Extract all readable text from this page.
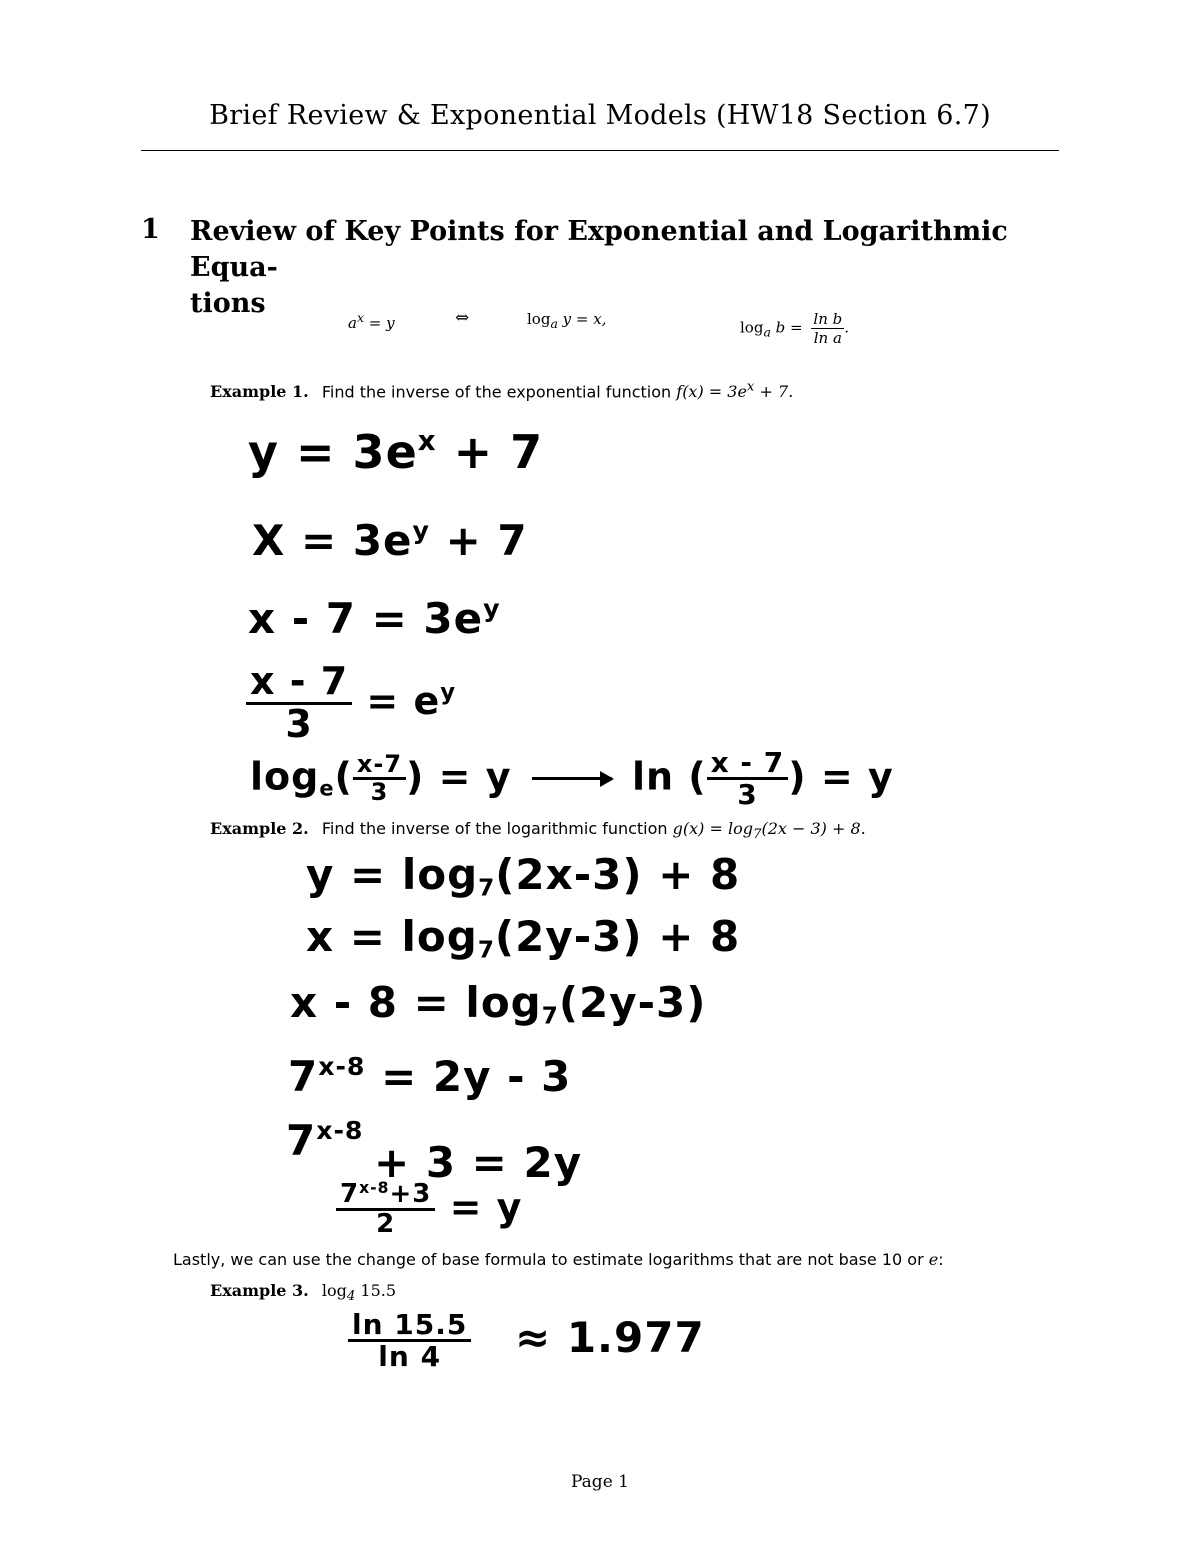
Brief Review & Exponential Models (HW18 Section 6.7)
1 Review of Key Points for Exponential and Logarithmic Equa-
tions
$a^x = y$	⇔	$\log_a y = x$,	$\log_a b = \frac{\text{ln b}}{\text{ln a}}$ .
Example 1. Find the inverse of the exponential function $f(x) = 3e^x + 7$.
$y = 3e^x + 7$
$X = 3e^y + 7$
$x - 7 = 3e^y$
$\frac{x - 7}{3} = e^y$
$\log_e( \frac{x-7}{3}$ ) = y	ln ( $\frac{x - 7}{3}$ ) = y
Example 2. Find the inverse of the logarithmic function $g(x) = \log_7(2x - 3) + 8$.
$y = \log_7(2x-3) + 8$
$x = \log_7(2y-3) + 8$
$x - 8 = \log_7(2y-3)$
$7^{x-8} = 2y - 3$
$7^{x-8}$
+ 3 = 2y
$\frac{7^{x-8}+3}{2} = y$
Lastly, we can use the change of base formula to estimate logarithms that are not base 10 or e:
Example 3. $\log_4 15.5$
$\frac{\ln 15.5}{\ln 4} \approx 1.977$
Page 1
